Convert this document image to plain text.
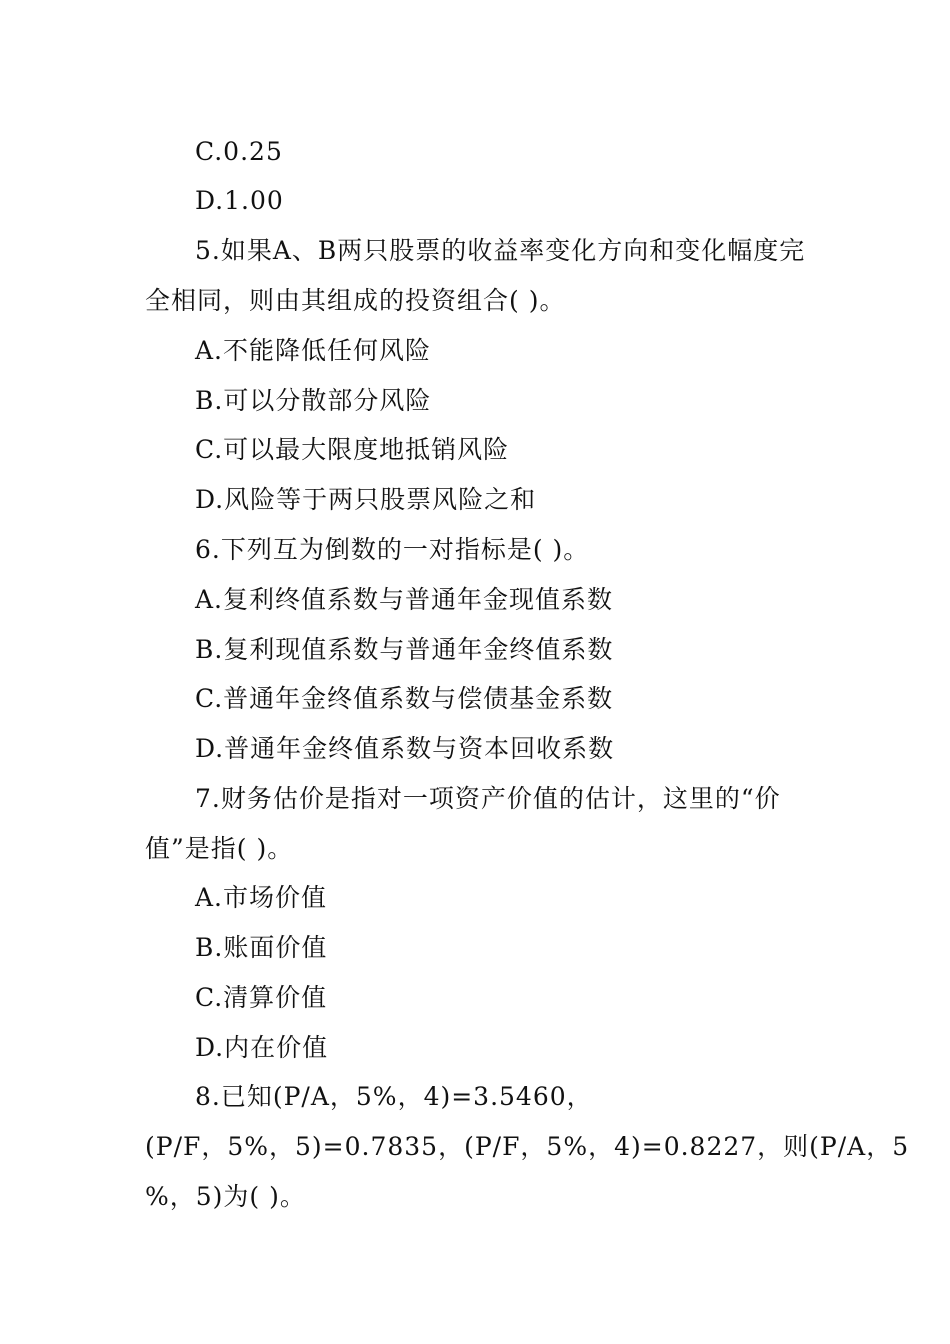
C.0.25
D.1.00
5.如果A、B两只股票的收益率变化方向和变化幅度完
全相同，则由其组成的投资组合( )。
A.不能降低任何风险
B.可以分散部分风险
C.可以最大限度地抵销风险
D.风险等于两只股票风险之和
6.下列互为倒数的一对指标是( )。
A.复利终值系数与普通年金现值系数
B.复利现值系数与普通年金终值系数
C.普通年金终值系数与偿债基金系数
D.普通年金终值系数与资本回收系数
7.财务估价是指对一项资产价值的估计，这里的“价
值”是指( )。
A.市场价值
B.账面价值
C.清算价值
D.内在价值
8.已知(P/A，5%，4)=3.5460，
(P/F，5%，5)=0.7835，(P/F，5%，4)=0.8227，则(P/A，5
%，5)为( )。
